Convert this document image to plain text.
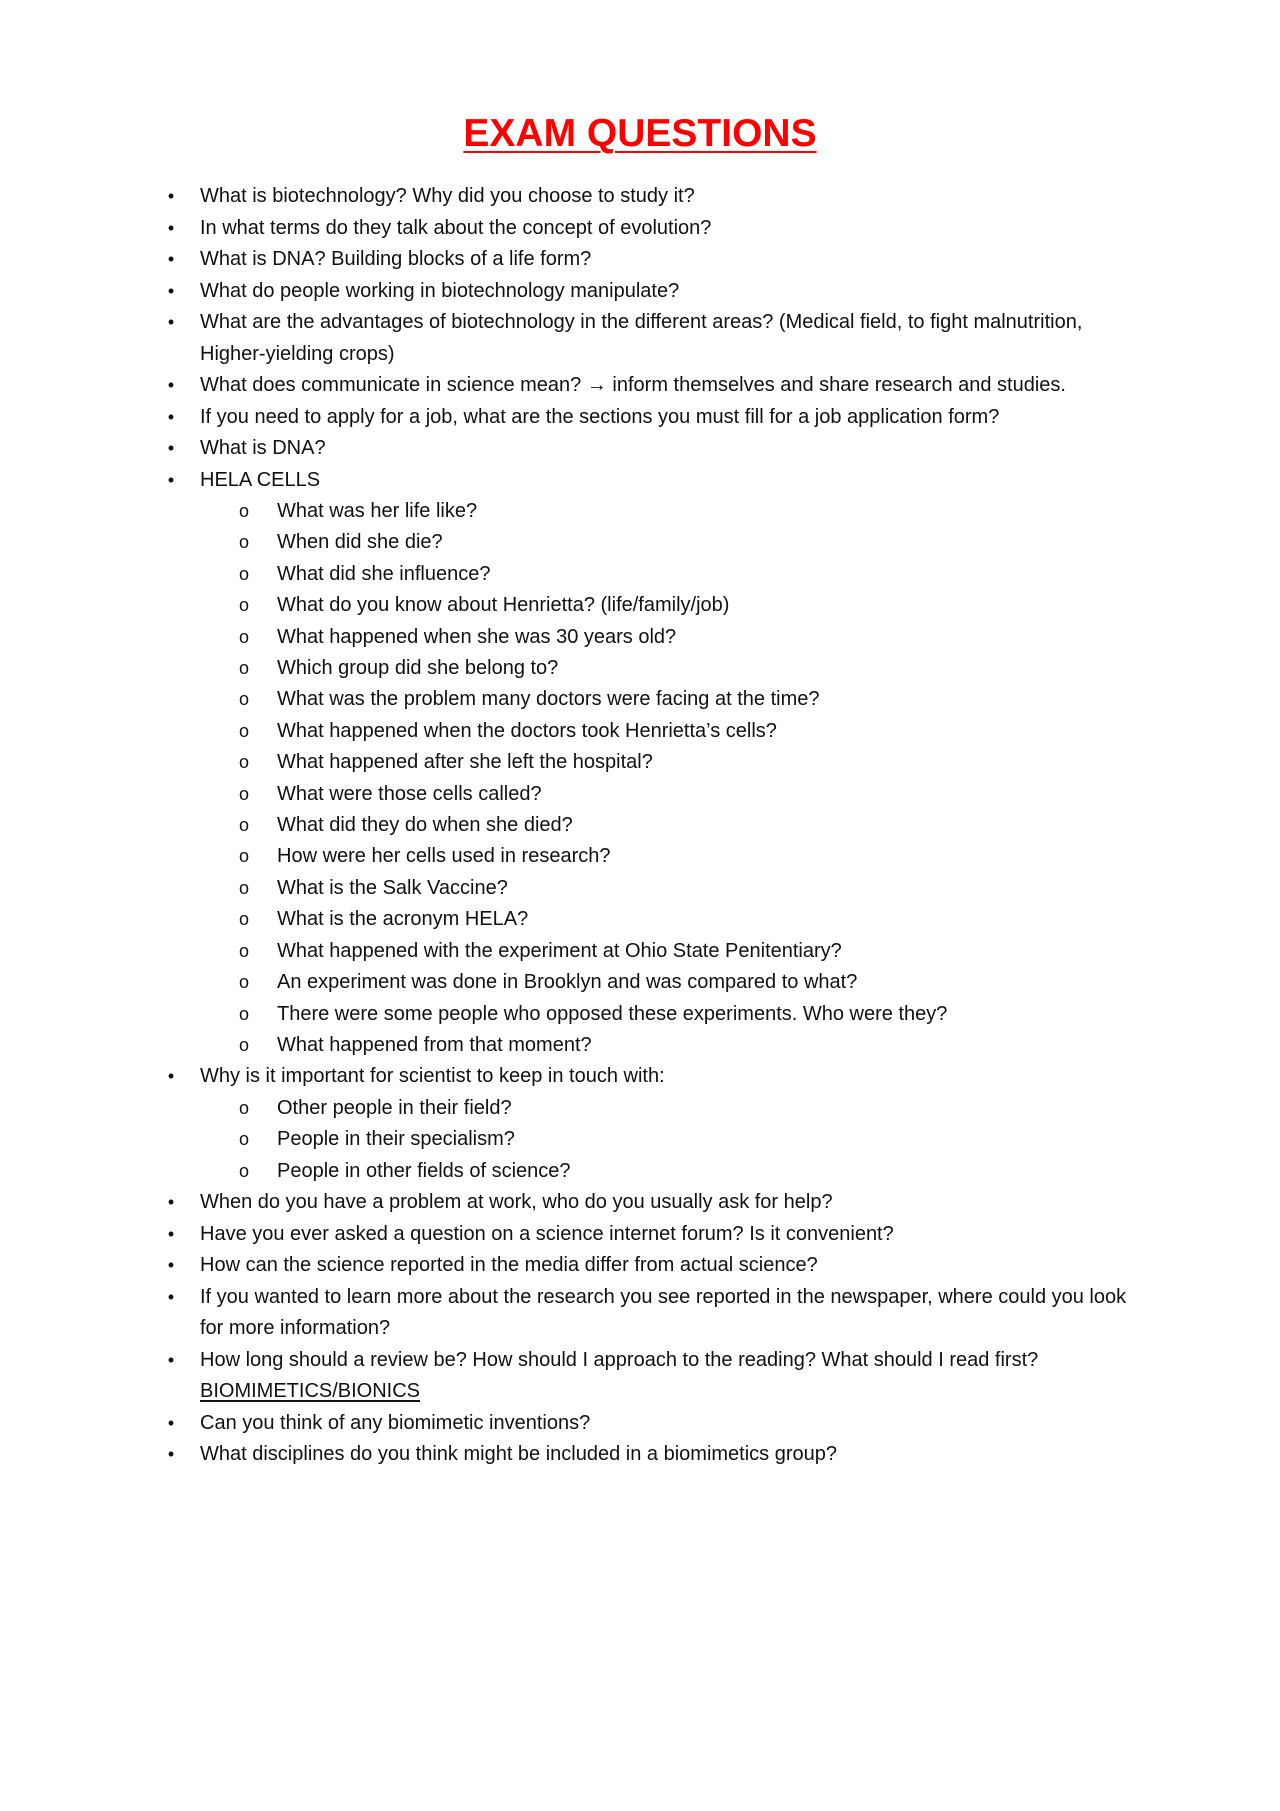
EXAM QUESTIONS
• What is biotechnology? Why did you choose to study it?
• In what terms do they talk about the concept of evolution?
• What is DNA? Building blocks of a life form?
• What do people working in biotechnology manipulate?
• What are the advantages of biotechnology in the different areas? (Medical field, to fight malnutrition, Higher-yielding crops)
• What does communicate in science mean? → inform themselves and share research and studies.
• If you need to apply for a job, what are the sections you must fill for a job application form?
• What is DNA?
• HELA CELLS
o What was her life like?
o When did she die?
o What did she influence?
o What do you know about Henrietta? (life/family/job)
o What happened when she was 30 years old?
o Which group did she belong to?
o What was the problem many doctors were facing at the time?
o What happened when the doctors took Henrietta’s cells?
o What happened after she left the hospital?
o What were those cells called?
o What did they do when she died?
o How were her cells used in research?
o What is the Salk Vaccine?
o What is the acronym HELA?
o What happened with the experiment at Ohio State Penitentiary?
o An experiment was done in Brooklyn and was compared to what?
o There were some people who opposed these experiments. Who were they?
o What happened from that moment?
• Why is it important for scientist to keep in touch with:
o Other people in their field?
o People in their specialism?
o People in other fields of science?
• When do you have a problem at work, who do you usually ask for help?
• Have you ever asked a question on a science internet forum? Is it convenient?
• How can the science reported in the media differ from actual science?
• If you wanted to learn more about the research you see reported in the newspaper, where could you look for more information?
• How long should a review be? How should I approach to the reading? What should I read first?
BIOMIMETICS/BIONICS
• Can you think of any biomimetic inventions?
• What disciplines do you think might be included in a biomimetics group?
